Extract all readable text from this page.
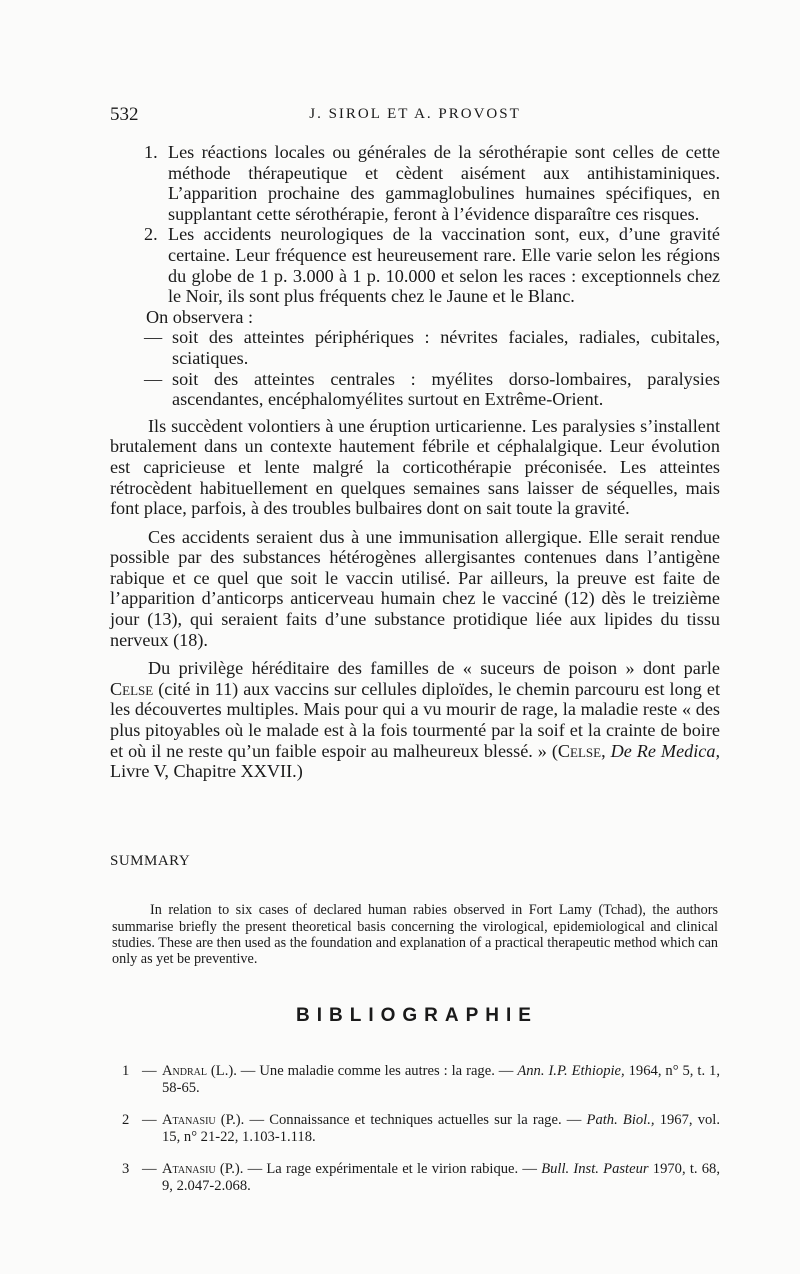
532	J. SIROL ET A. PROVOST

1. Les réactions locales ou générales de la sérothérapie sont celles de cette méthode thérapeutique et cèdent aisément aux antihistaminiques. L’apparition prochaine des gammaglobulines humaines spécifiques, en supplantant cette sérothérapie, feront à l’évidence disparaître ces risques.

2. Les accidents neurologiques de la vaccination sont, eux, d’une gravité certaine. Leur fréquence est heureusement rare. Elle varie selon les régions du globe de 1 p. 3.000 à 1 p. 10.000 et selon les races : exceptionnels chez le Noir, ils sont plus fréquents chez le Jaune et le Blanc.

On observera :

— soit des atteintes périphériques : névrites faciales, radiales, cubitales, sciatiques.

— soit des atteintes centrales : myélites dorso-lombaires, paralysies ascendantes, encéphalomyélites surtout en Extrême-Orient.

Ils succèdent volontiers à une éruption urticarienne. Les paralysies s’installent brutalement dans un contexte hautement fébrile et céphalalgique. Leur évolution est capricieuse et lente malgré la corticothérapie préconisée. Les atteintes rétrocèdent habituellement en quelques semaines sans laisser de séquelles, mais font place, parfois, à des troubles bulbaires dont on sait toute la gravité.

Ces accidents seraient dus à une immunisation allergique. Elle serait rendue possible par des substances hétérogènes allergisantes contenues dans l’antigène rabique et ce quel que soit le vaccin utilisé. Par ailleurs, la preuve est faite de l’apparition d’anticorps anticerveau humain chez le vacciné (12) dès le treizième jour (13), qui seraient faits d’une substance protidique liée aux lipides du tissu nerveux (18).

Du privilège héréditaire des familles de « suceurs de poison » dont parle Celse (cité in 11) aux vaccins sur cellules diploïdes, le chemin parcouru est long et les découvertes multiples. Mais pour qui a vu mourir de rage, la maladie reste « des plus pitoyables où le malade est à la fois tourmenté par la soif et la crainte de boire et où il ne reste qu’un faible espoir au malheureux blessé. » (Celse, De Re Medica, Livre V, Chapitre XXVII.)

SUMMARY

In relation to six cases of declared human rabies observed in Fort Lamy (Tchad), the authors summarise briefly the present theoretical basis concerning the virological, epidemiological and clinical studies. These are then used as the foundation and explanation of a practical therapeutic method which can only as yet be preventive.

BIBLIOGRAPHIE

1 — Andral (L.). — Une maladie comme les autres : la rage. — Ann. I.P. Ethiopie, 1964, n° 5, t. 1, 58-65.

2 — Atanasiu (P.). — Connaissance et techniques actuelles sur la rage. — Path. Biol., 1967, vol. 15, n° 21-22, 1.103-1.118.

3 — Atanasiu (P.). — La rage expérimentale et le virion rabique. — Bull. Inst. Pasteur 1970, t. 68, 9, 2.047-2.068.
